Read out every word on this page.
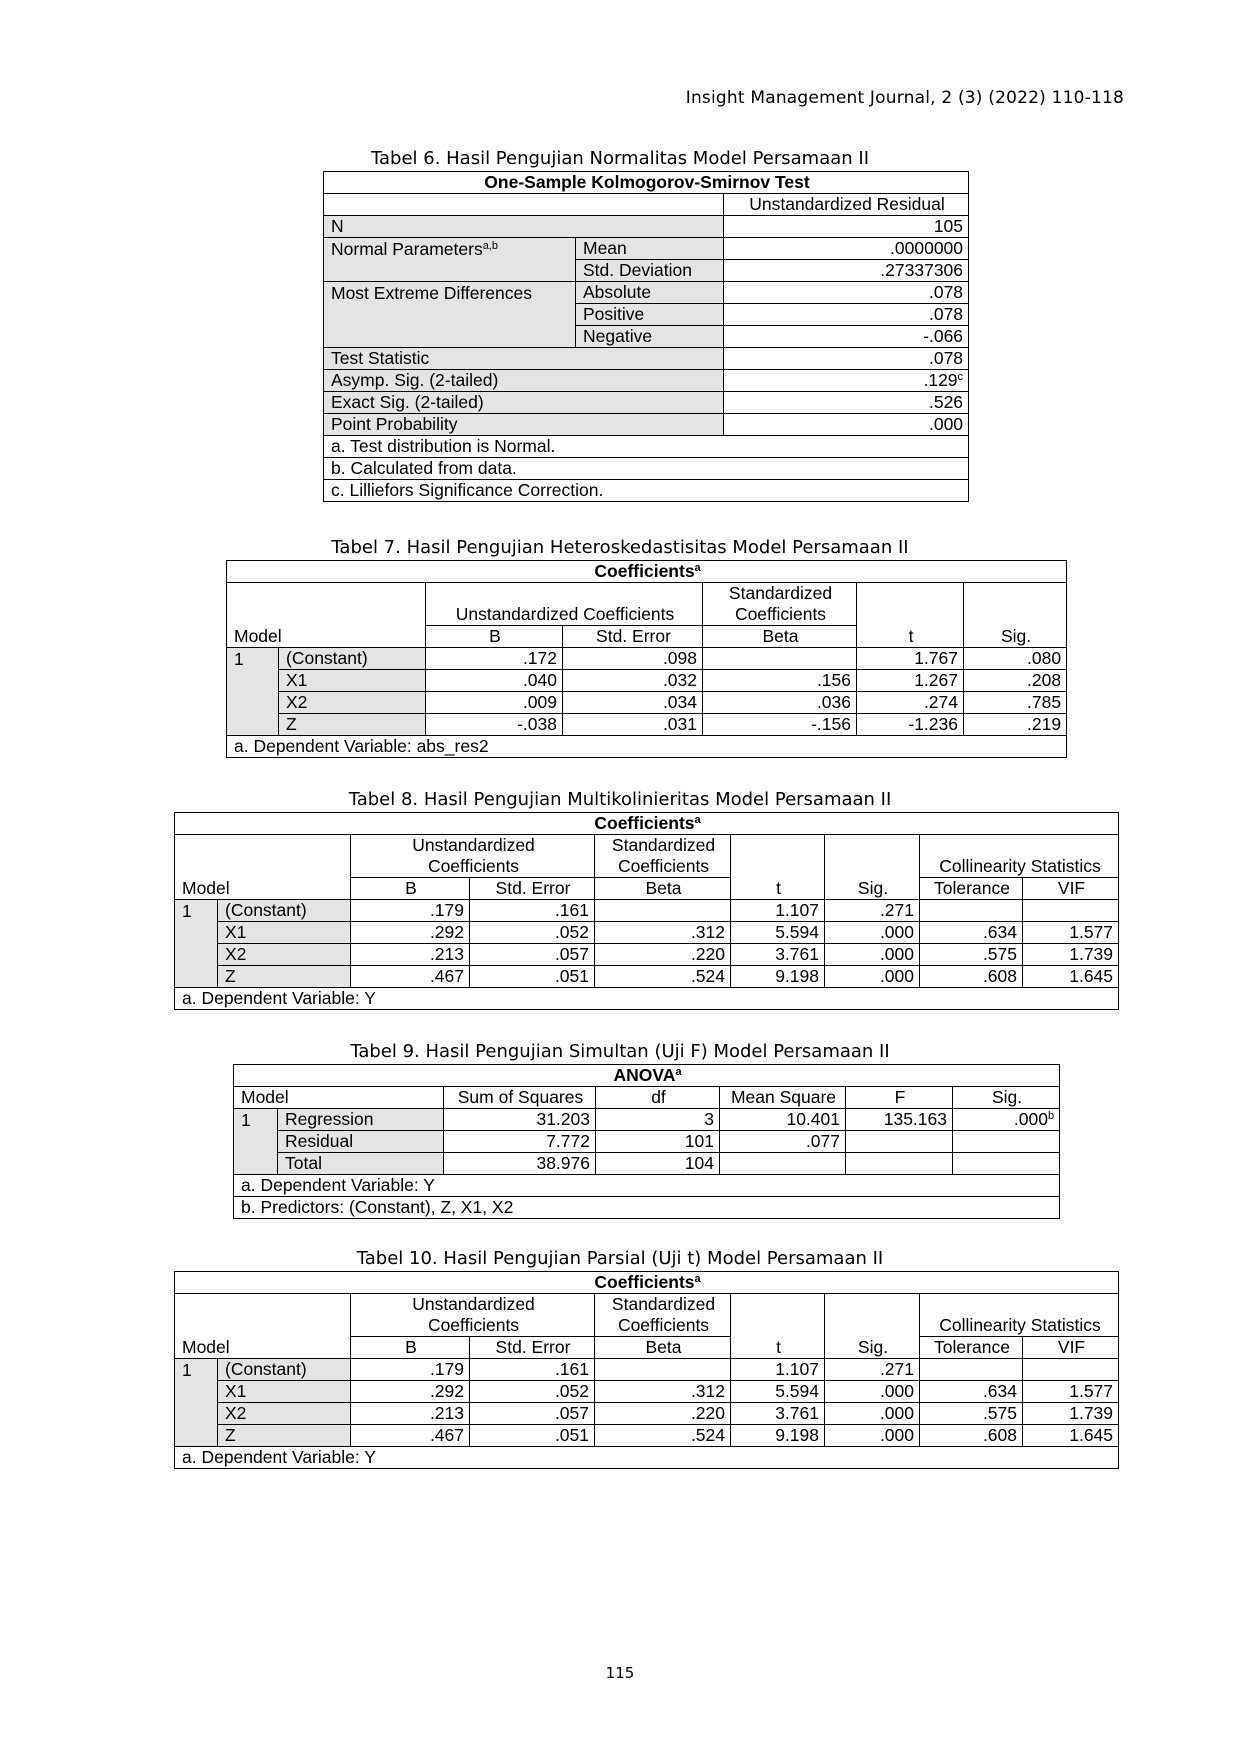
Insight Management Journal, 2 (3) (2022) 110-118
Tabel 6. Hasil Pengujian Normalitas Model Persamaan II
One-Sample Kolmogorov-Smirnov Test		
		Unstandardized Residual
N		105
Normal Parameters$^{a,b}$	Mean	.0000000
	Std. Deviation	.27337306
Most Extreme Differences	Absolute	.078
	Positive	.078
	Negative	-.066
Test Statistic		.078
Asymp. Sig. (2-tailed)		.129$^c$
Exact Sig. (2-tailed)		.526
Point Probability		.000
a. Test distribution is Normal.		
b. Calculated from data.		
c. Lilliefors Significance Correction.		
Tabel 7. Hasil Pengujian Heteroskedastisitas Model Persamaan II
Coefficients$^a$
				Standardized		
		Unstandardized Coefficients		Coefficients		
Model		B	Std. Error	Beta	t	Sig.
1	(Constant)	.172	.098		1.767	.080
	X1	.040	.032	.156	1.267	.208
	X2	.009	.034	.036	.274	.785
	Z	-.038	.031	-.156	-1.236	.219
a. Dependent Variable: abs_res2						
Tabel 8. Hasil Pengujian Multikolinieritas Model Persamaan II
Coefficients$^a$
		Unstandardized		Standardized				
		Coefficients		Coefficients			Collinearity Statistics	
Model		B	Std. Error	Beta	t	Sig.	Tolerance	VIF
1	(Constant)	.179	.161		1.107	.271		
	X1	.292	.052	.312	5.594	.000	.634	1.577
	X2	.213	.057	.220	3.761	.000	.575	1.739
	Z	.467	.051	.524	9.198	.000	.608	1.645
a. Dependent Variable: Y								
Tabel 9. Hasil Pengujian Simultan (Uji F) Model Persamaan II
ANOVA$^a$
Model		Sum of Squares	df	Mean Square	F	Sig.
1	Regression	31.203	3	10.401	135.163	.000$^b$
	Residual	7.772	101	.077		
	Total	38.976	104			
a. Dependent Variable: Y						
b. Predictors: (Constant), Z, X1, X2						
Tabel 10. Hasil Pengujian Parsial (Uji t) Model Persamaan II
Coefficients$^a$
		Unstandardized		Standardized				
		Coefficients		Coefficients			Collinearity Statistics	
Model		B	Std. Error	Beta	t	Sig.	Tolerance	VIF
1	(Constant)	.179	.161		1.107	.271		
	X1	.292	.052	.312	5.594	.000	.634	1.577
	X2	.213	.057	.220	3.761	.000	.575	1.739
	Z	.467	.051	.524	9.198	.000	.608	1.645
a. Dependent Variable: Y								
115
